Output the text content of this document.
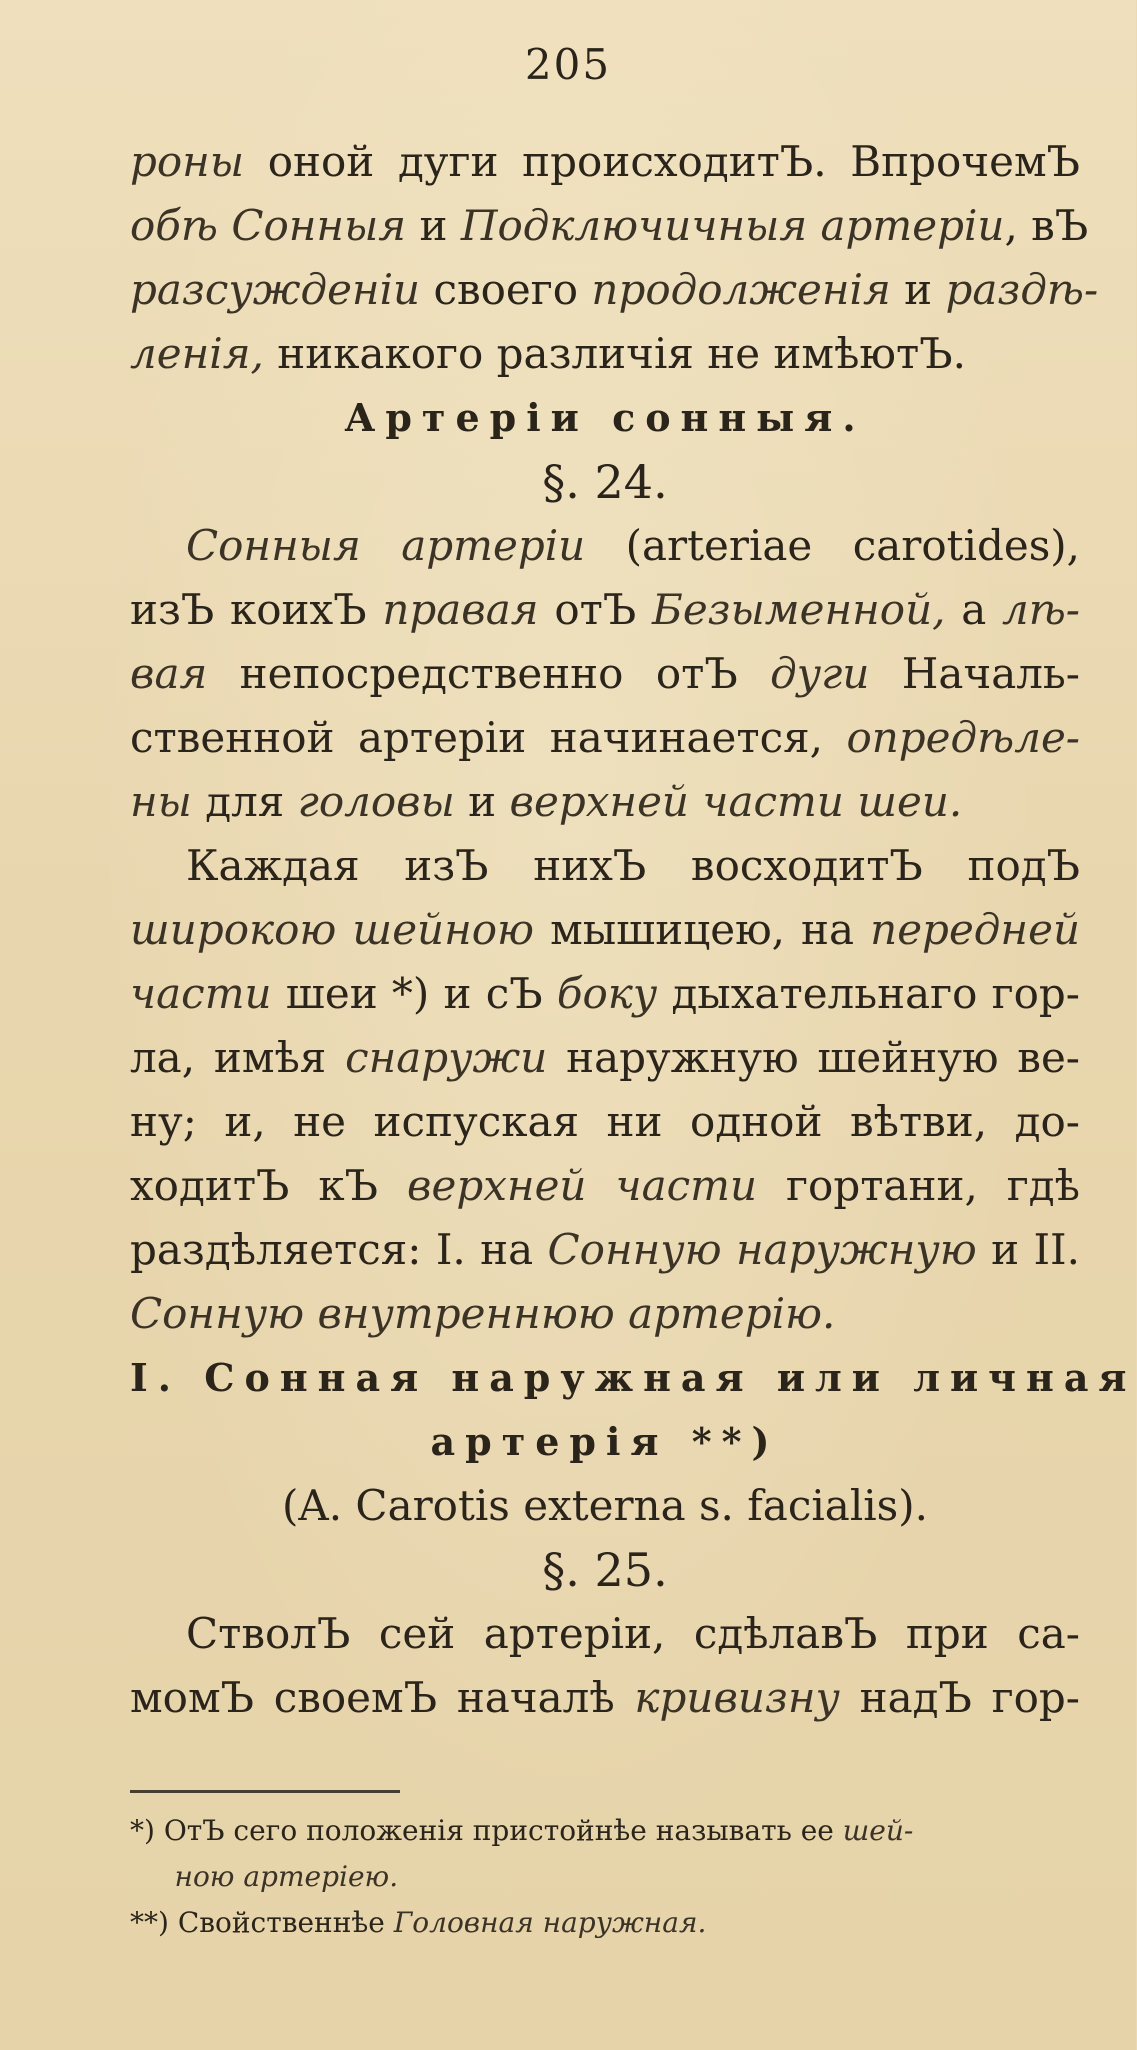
205
роны оной дуги происходитЪ. ВпрочемЪ
обѣ Сонныя и Подключичныя артеріи, вЪ
разсужденіи своего продолженія и раздѣ-
ленія, никакого различія не имѣютЪ.
Артеріи сонныя.
§. 24.
Сонныя артеріи (arteriae carotides),
изЪ коихЪ правая отЪ Безыменной, а лѣ-
вая непосредственно отЪ дуги Началь-
ственной артеріи начинается, опредѣле-
ны для головы и верхней части шеи.
Каждая изЪ нихЪ восходитЪ подЪ
широкою шейною мышицею, на передней
части шеи *) и сЪ боку дыхательнаго гор-
ла, имѣя снаружи наружную шейную ве-
ну; и, не испуская ни одной вѣтви, до-
ходитЪ кЪ верхней части гортани, гдѣ
раздѣляется: I. на Сонную наружную и II.
Сонную внутреннюю артерію.
I. Сонная наружная или личная
артерія **)
(A. Carotis externa s. facialis).
§. 25.
СтволЪ сей артеріи, сдѣлавЪ при са-
момЪ своемЪ началѣ кривизну надЪ гор-
*) ОтЪ сего положенія пристойнѣе называть ее шей-
ною артеріею.
**) Свойственнѣе Головная наружная.
